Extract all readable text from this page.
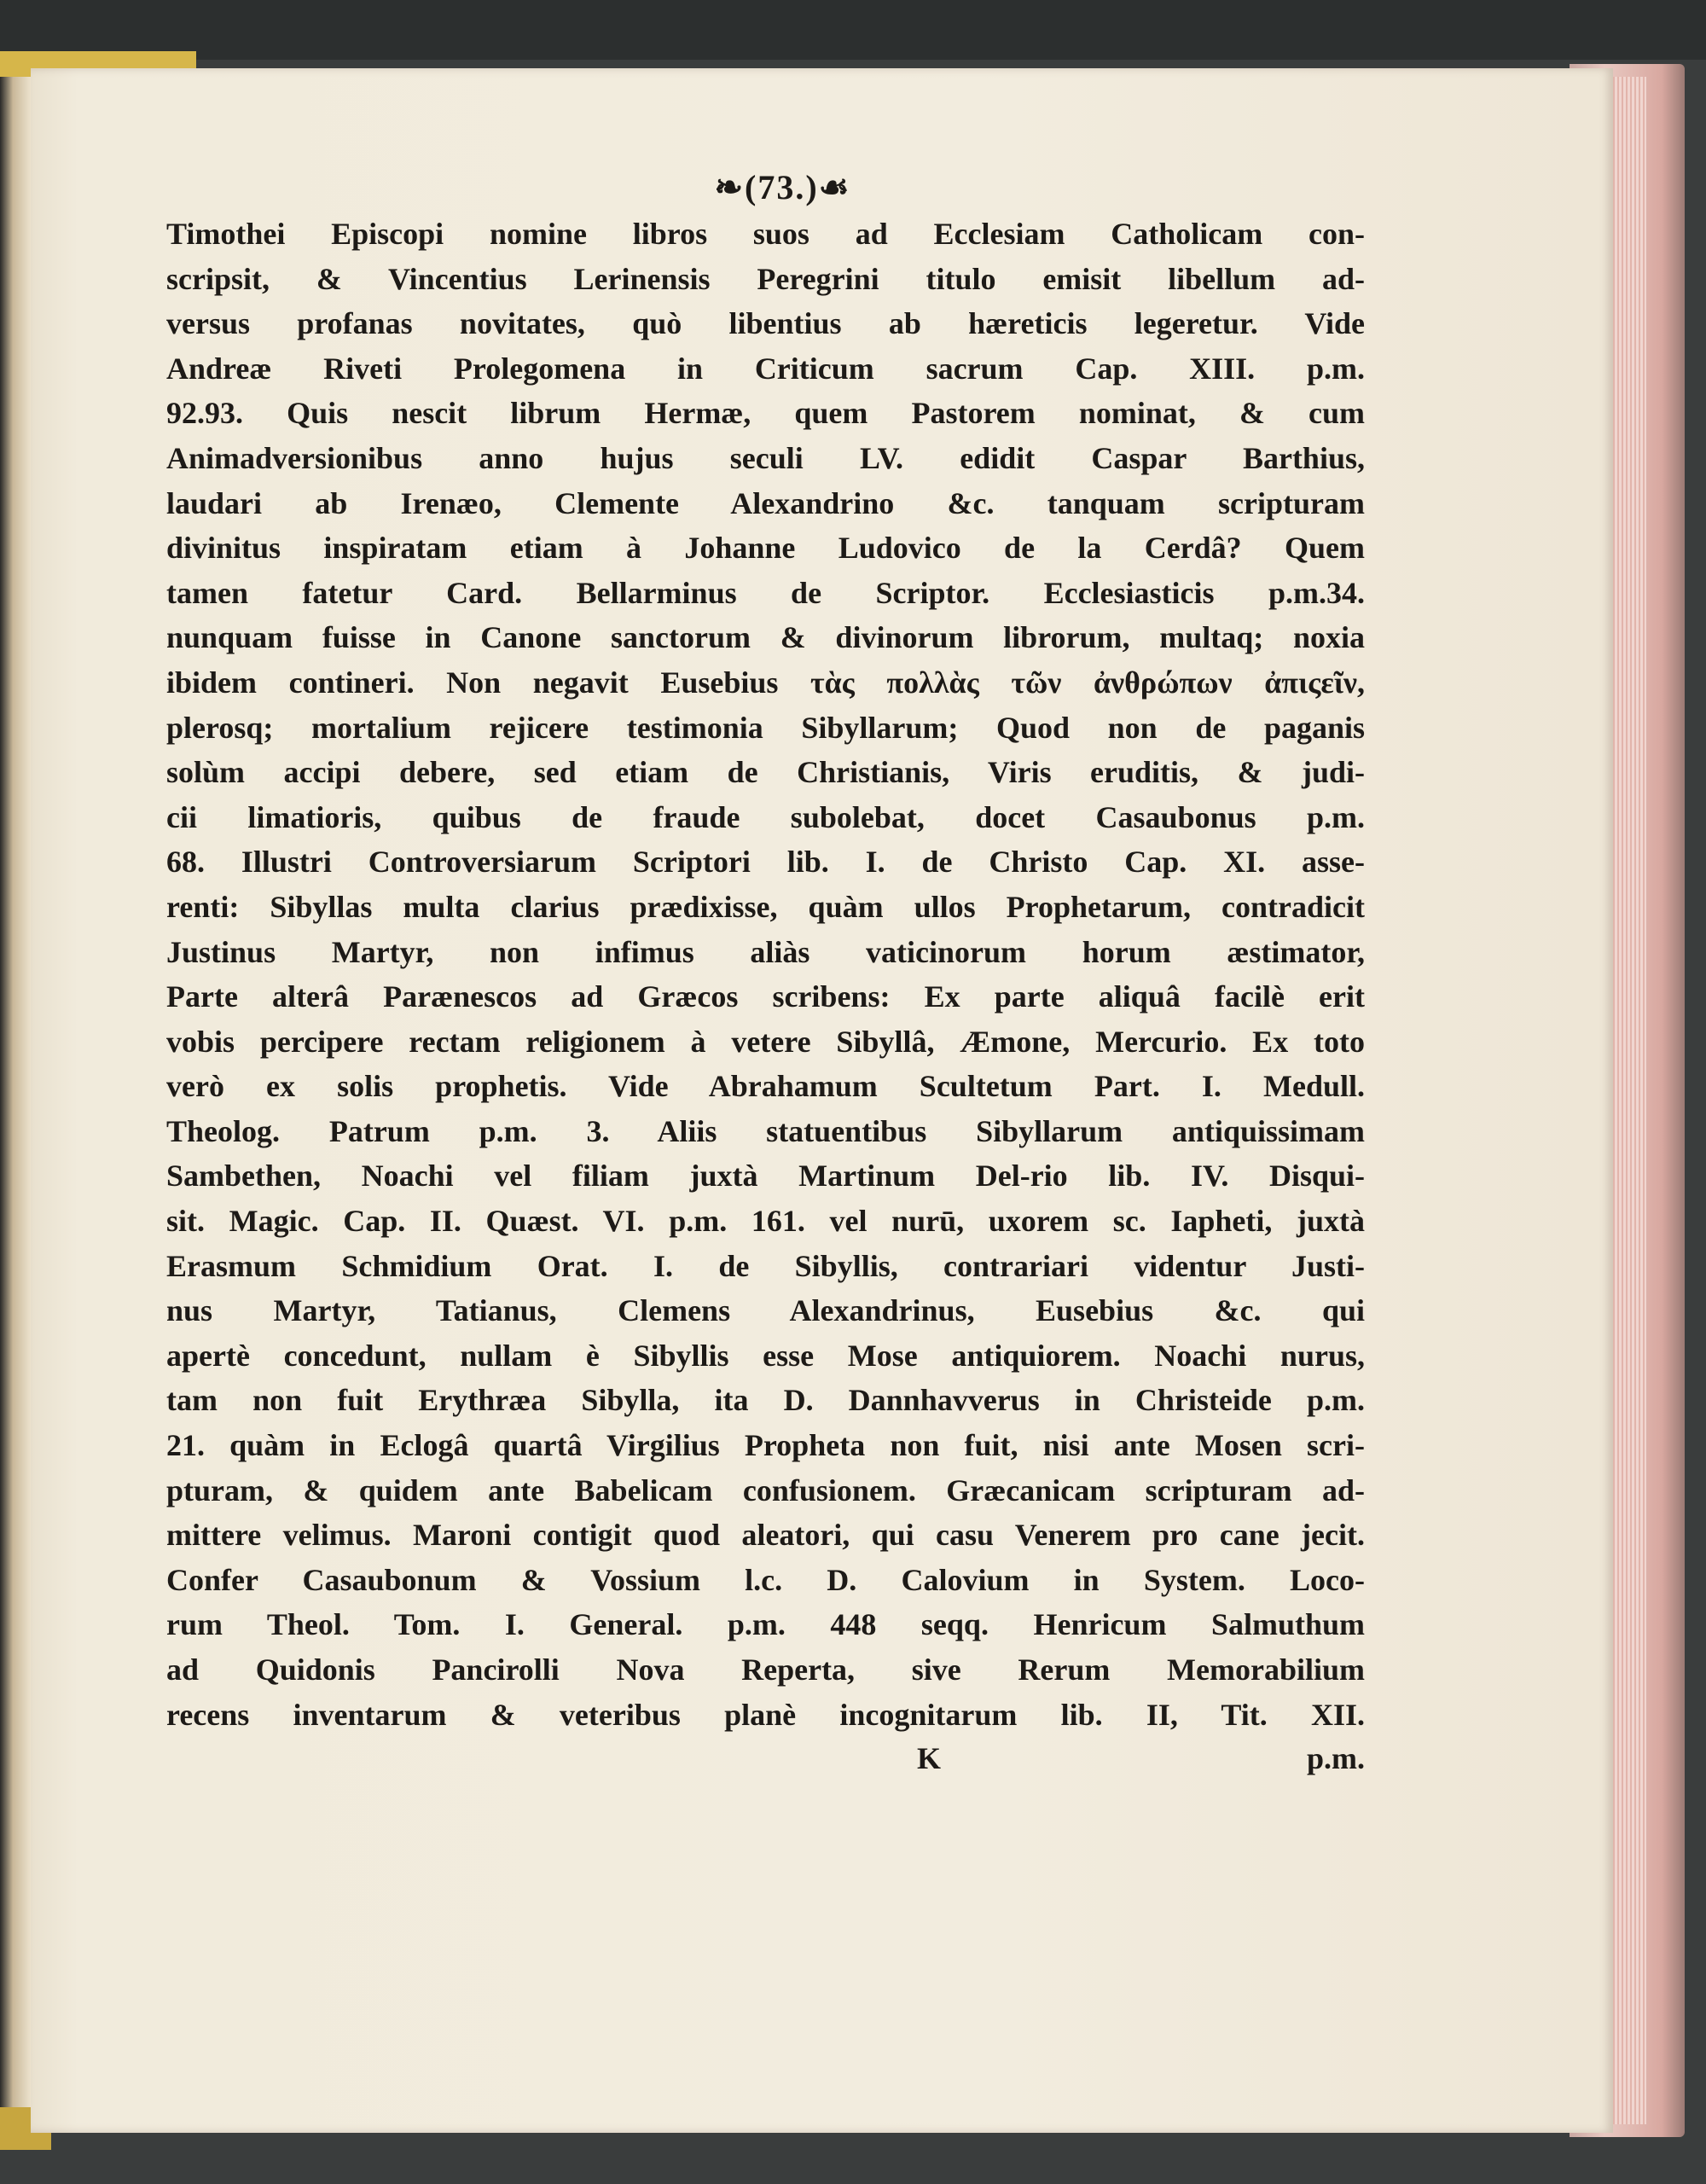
❧(73.)☙
Timothei Episcopi nomine libros suos ad Ecclesiam Catholicam con-
scripsit, & Vincentius Lerinensis Peregrini titulo emisit libellum ad-
versus profanas novitates, quò libentius ab hæreticis legeretur. Vide
Andreæ Riveti Prolegomena in Criticum sacrum Cap. XIII. p.m.
92.93. Quis nescit librum Hermæ, quem Pastorem nominat, & cum
Animadversionibus anno hujus seculi LV. edidit Caspar Barthius,
laudari ab Irenæo, Clemente Alexandrino &c. tanquam scripturam
divinitus inspiratam etiam à Johanne Ludovico de la Cerdâ? Quem
tamen fatetur Card. Bellarminus de Scriptor. Ecclesiasticis p.m.34.
nunquam fuisse in Canone sanctorum & divinorum librorum, multaq; noxia
ibidem contineri. Non negavit Eusebius τὰς πολλὰς τῶν ἀνθρώπων ἀπιςεῖν,
plerosq; mortalium rejicere testimonia Sibyllarum; Quod non de paganis
solùm accipi debere, sed etiam de Christianis, Viris eruditis, & judi-
cii limatioris, quibus de fraude subolebat, docet Casaubonus p.m.
68. Illustri Controversiarum Scriptori lib. I. de Christo Cap. XI. asse-
renti: Sibyllas multa clarius prædixisse, quàm ullos Prophetarum, contradicit
Justinus Martyr, non infimus aliàs vaticinorum horum æstimator,
Parte alterâ Parænescos ad Græcos scribens: Ex parte aliquâ facilè erit
vobis percipere rectam religionem à vetere Sibyllâ, Æmone, Mercurio. Ex toto
verò ex solis prophetis. Vide Abrahamum Scultetum Part. I. Medull.
Theolog. Patrum p.m. 3. Aliis statuentibus Sibyllarum antiquissimam
Sambethen, Noachi vel filiam juxtà Martinum Del-rio lib. IV. Disqui-
sit. Magic. Cap. II. Quæst. VI. p.m. 161. vel nurū, uxorem sc. Iapheti, juxtà
Erasmum Schmidium Orat. I. de Sibyllis, contrariari videntur Justi-
nus Martyr, Tatianus, Clemens Alexandrinus, Eusebius &c. qui
apertè concedunt, nullam è Sibyllis esse Mose antiquiorem. Noachi nurus,
tam non fuit Erythræa Sibylla, ita D. Dannhavverus in Christeide p.m.
21. quàm in Eclogâ quartâ Virgilius Propheta non fuit, nisi ante Mosen scri-
pturam, & quidem ante Babelicam confusionem. Græcanicam scripturam ad-
mittere velimus. Maroni contigit quod aleatori, qui casu Venerem pro cane jecit.
Confer Casaubonum & Vossium l.c. D. Calovium in System. Loco-
rum Theol. Tom. I. General. p.m. 448 seqq. Henricum Salmuthum
ad Quidonis Pancirolli Nova Reperta, sive Rerum Memorabilium
recens inventarum & veteribus planè incognitarum lib. II, Tit. XII.
K	p.m.
